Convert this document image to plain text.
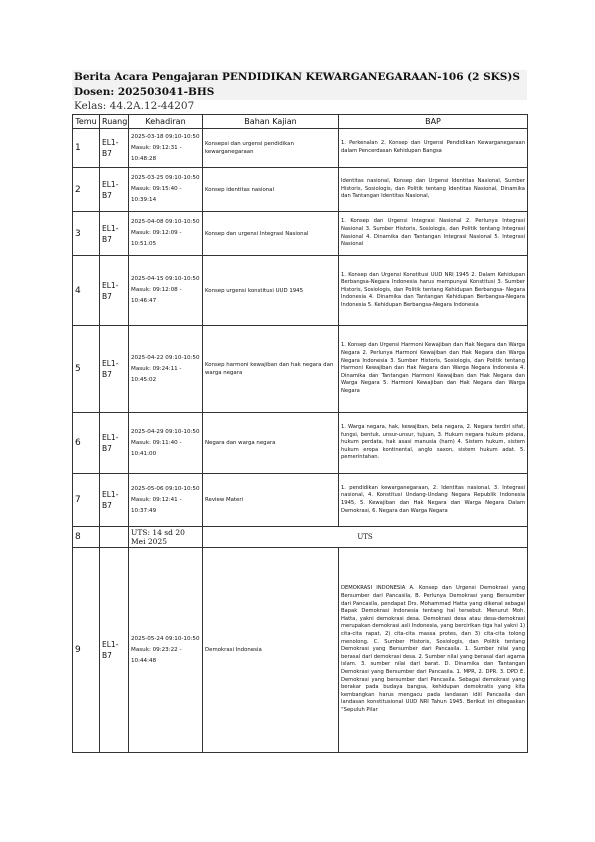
Berita Acara Pengajaran PENDIDIKAN KEWARGANEGARAAN-106 (2 SKS)S
Dosen: 202503041-BHS
Kelas: 44.2A.12-44207
Temu	Ruang	Kehadiran	Bahan Kajian	BAP
1	EL1-B7	2025-03-18 09:10-10:50 Masuk: 09:12:31 - 10:48:28	Konsepsi dan urgensi pendidikan kewarganegaraan	1. Perkenalan 2. Konsep dan Urgensi Pendidikan Kewarganegaraan dalam Pencerdasan Kehidupan Bangsa
2	EL1-B7	2025-03-25 09:10-10:50 Masuk: 09:15:40 - 10:39:14	Konsep identitas nasional	Identitas nasional, Konsep dan Urgensi Identitas Nasional, Sumber Historis, Sosiologis, dan Politik tentang Identitas Nasional, Dinamika dan Tantangan Identitas Nasional,
3	EL1-B7	2025-04-08 09:10-10:50 Masuk: 09:12:09 - 10:51:05	Konsep dan urgensi Integrasi Nasional	1. Konsep dan Urgensi Integrasi Nasional 2. Perlunya Integrasi Nasional 3. Sumber Historis, Sosiologis, dan Politik tentang Integrasi Nasional 4. Dinamika dan Tantangan Integrasi Nasional 5. Integrasi Nasional
4	EL1-B7	2025-04-15 09:10-10:50 Masuk: 09:12:08 - 10:46:47	Konsep urgensi konstitusi UUD 1945	1. Konsep dan Urgensi Konstitusi UUD NRI 1945 2. Dalam Kehidupan Berbangsa-Negara Indonesia harus mempunyai Konstitusi 3. Sumber Historis, Sosiologis, dan Politik tentang Kehidupan Berbangsa- Negara Indonesia 4. Dinamika dan Tantangan Kehidupan Berbangsa-Negara Indonesia 5. Kehidupan Berbangsa-Negara Indonesia
5	EL1-B7	2025-04-22 09:10-10:50 Masuk: 09:24:11 - 10:45:02	Konsep harmoni kewajiban dan hak negara dan warga negara	1. Konsep dan Urgensi Harmoni Kewajiban dan Hak Negara dan Warga Negara 2. Perlunya Harmoni Kewajiban dan Hak Negara dan Warga Negara Indonesia 3. Sumber Historis, Sosiologis, dan Politik tentang Harmoni Kewajiban dan Hak Negara dan Warga Negara Indonesia 4. Dinamika dan Tantangan Harmoni Kewajiban dan Hak Negara dan Warga Negara 5. Harmoni Kewajiban dan Hak Negara dan Warga Negara
6	EL1-B7	2025-04-29 09:10-10:50 Masuk: 09:11:40 - 10:41:00	Negara dan warga negara	1. Warga negara, hak, kewajiban, bela negara, 2. Negara terdiri sifat, fungsi, bentuk, unsur-unsur, tujuan, 3. Hukum negara hukum pidana, hukum perdata, hak asasi manusia (ham) 4. Sistem hukum, sistem hukum eropa kontinental, anglo saxon, sistem hukum adat. 5. pemerintahan.
7	EL1-B7	2025-05-06 09:10-10:50 Masuk: 09:12:41 - 10:37:49	Review Materi	1. pendidikan kewarganegaraan, 2. Identitas nasional, 3. Integrasi nasional, 4. Konstitusi Undang-Undang Negara Republik Indonesia 1945, 5. Kewajiban dan Hak Negara dan Warga Negara Dalam Demokrasi, 6. Negara dan Warga Negara
8		UTS: 14 sd 20 Mei 2025	UTS	
9	EL1-B7	2025-05-24 09:10-10:50 Masuk: 09:23:22 - 10:44:48	Demokrasi Indonesia	DEMOKRASI INDONESIA A. Konsep dan Urgensi Demokrasi yang Bersumber dari Pancasila, B. Perlunya Demokrasi yang Bersumber dari Pancasila, pendapat Drs. Mohammad Hatta yang dikenal sebagai Bapak Demokrasi Indonesia tentang hal tersebut. Menurut Moh. Hatta, yakni demokrasi desa. Demokrasi desa atau desa-demokrasi merupakan demokrasi asli Indonesia, yang bercirikan tiga hal yakni 1) cita-cita rapat, 2) cita-cita massa protes, dan 3) cita-cita tolong menolong. C. Sumber Historis, Sosiologis, dan Politik tentang Demokrasi yang Bersumber dari Pancasila. 1. Sumber nilai yang berasal dari demokrasi desa. 2. Sumber nilai yang berasal dari agama islam. 3. sumber nilai dari barat. D. Dinamika dan Tantangan Demokrasi yang Bersumber dari Pancasila. 1. MPR, 2. DPR. 3. DPD E. Demokrasi yang bersumber dari Pancasila. Sebagai demokrasi yang berakar pada budaya bangsa, kehidupan demokratis yang kita kembangkan harus mengacu pada landasan idiil Pancasila dan landasan konstitusional UUD NRI Tahun 1945. Berikut ini ditegaskan “Sepuluh Pilar
